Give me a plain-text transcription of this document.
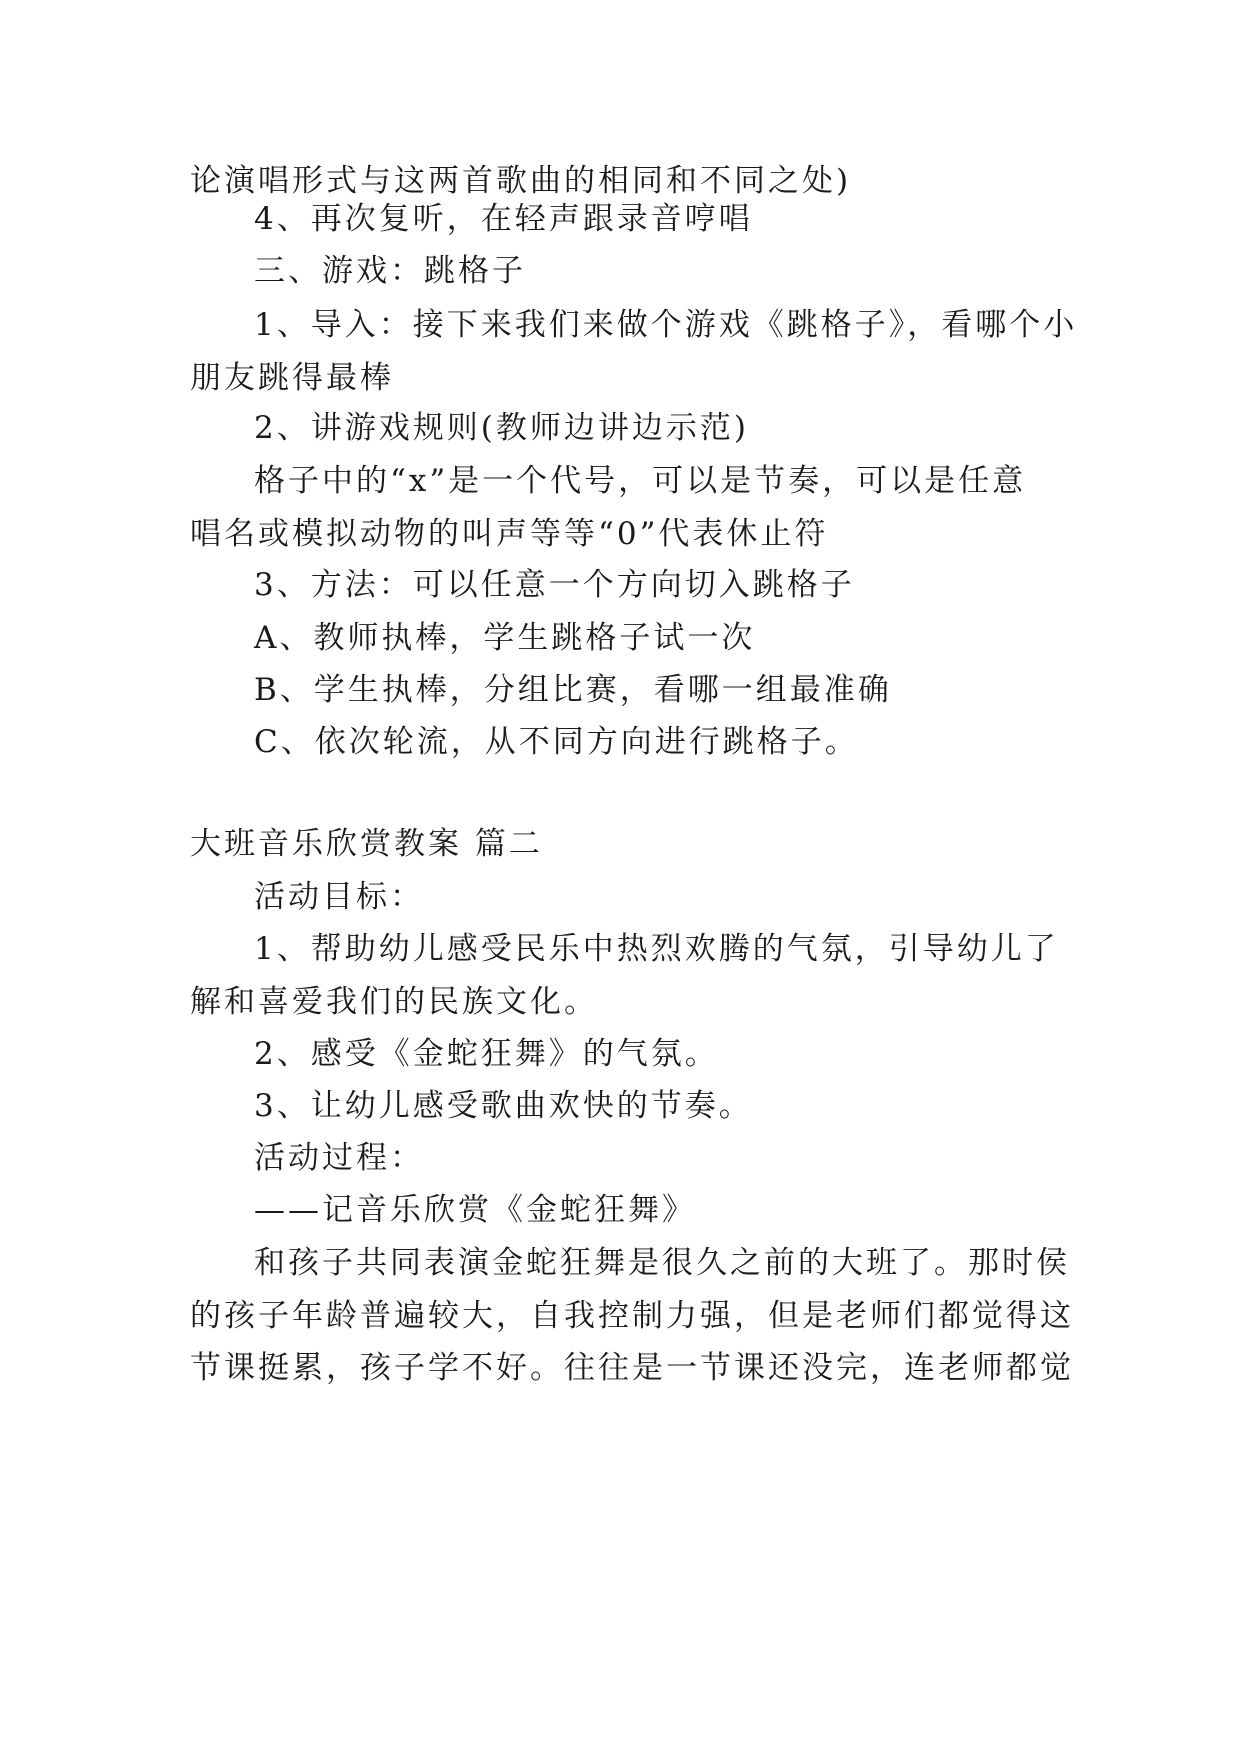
论演唱形式与这两首歌曲的相同和不同之处)
4、再次复听，在轻声跟录音哼唱
三、游戏：跳格子
1、导入：接下来我们来做个游戏《跳格子》，看哪个小
朋友跳得最棒
2、讲游戏规则(教师边讲边示范)
格子中的“x”是一个代号，可以是节奏，可以是任意
唱名或模拟动物的叫声等等“0”代表休止符
3、方法：可以任意一个方向切入跳格子
A、教师执棒，学生跳格子试一次
B、学生执棒，分组比赛，看哪一组最准确
C、依次轮流，从不同方向进行跳格子。
大班音乐欣赏教案 篇二
活动目标：
1、帮助幼儿感受民乐中热烈欢腾的气氛，引导幼儿了
解和喜爱我们的民族文化。
2、感受《金蛇狂舞》的气氛。
3、让幼儿感受歌曲欢快的节奏。
活动过程：
——记音乐欣赏《金蛇狂舞》
和孩子共同表演金蛇狂舞是很久之前的大班了。那时侯
的孩子年龄普遍较大，自我控制力强，但是老师们都觉得这
节课挺累，孩子学不好。往往是一节课还没完，连老师都觉
